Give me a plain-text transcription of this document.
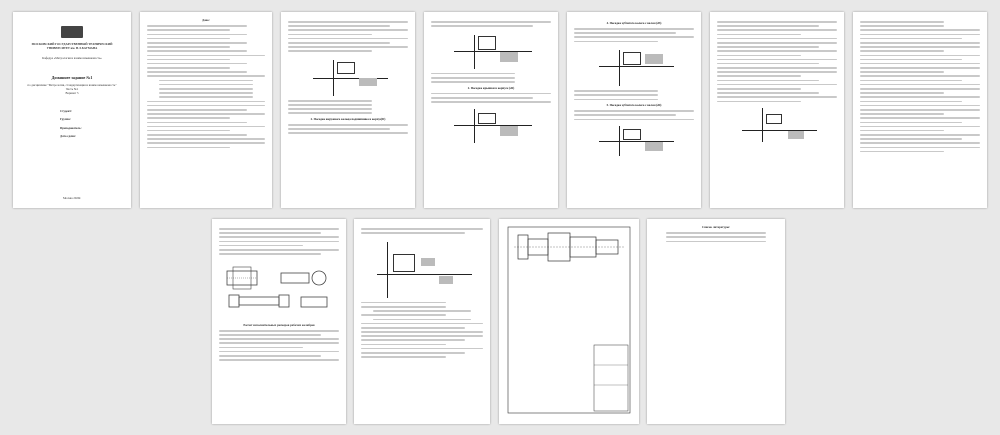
МОСКОВСКИЙ ГОСУДАРСТВЕННЫЙ ТЕХНИЧЕСКИЙ УНИВЕРСИТЕТ им. Н.Э.БАУМАНА

Кафедра «Метрология и взаимозаменяемость»

Домашнее задание №1

по дисциплине "Метрология, стандартизация и взаимозаменяемость"

Часть №1

Вариант 5

Студент:

Группа:

Преподаватель:

Дата сдачи:

Москва 2020г.

Дано:

2. Посадка наружного кольца подшипника в корпус(D)

2. Посадка крышки в корпусе (d2)

4. Посадка зубчатого колеса с валом (d3)

5. Посадка зубчатого колеса с валом (d4)

Расчет исполнительных размеров рабочих калибров

Список литературы:
